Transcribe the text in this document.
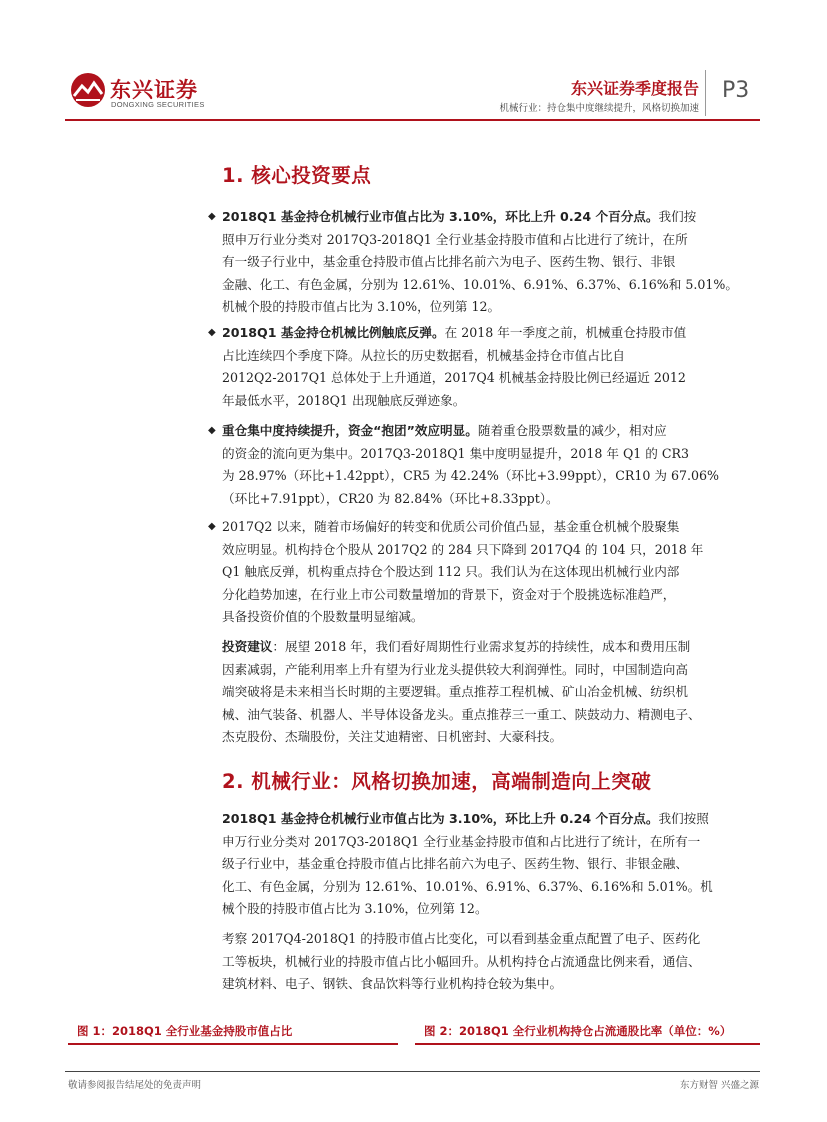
东兴证券
DONGXING SECURITIES
东兴证券季度报告
机械行业：持仓集中度继续提升，风格切换加速
P3
1. 核心投资要点
◆ 2018Q1 基金持仓机械行业市值占比为 3.10%，环比上升 0.24 个百分点。我们按
照申万行业分类对 2017Q3-2018Q1 全行业基金持股市值和占比进行了统计，在所
有一级子行业中，基金重仓持股市值占比排名前六为电子、医药生物、银行、非银
金融、化工、有色金属，分别为 12.61%、10.01%、6.91%、6.37%、6.16%和 5.01%。
机械个股的持股市值占比为 3.10%，位列第 12。
◆ 2018Q1 基金持仓机械比例触底反弹。在 2018 年一季度之前，机械重仓持股市值
占比连续四个季度下降。从拉长的历史数据看，机械基金持仓市值占比自
2012Q2-2017Q1 总体处于上升通道，2017Q4 机械基金持股比例已经逼近 2012
年最低水平，2018Q1 出现触底反弹迹象。
◆ 重仓集中度持续提升，资金“抱团”效应明显。随着重仓股票数量的减少，相对应
的资金的流向更为集中。2017Q3-2018Q1 集中度明显提升，2018 年 Q1 的 CR3
为 28.97%（环比+1.42ppt），CR5 为 42.24%（环比+3.99ppt），CR10 为 67.06%
（环比+7.91ppt），CR20 为 82.84%（环比+8.33ppt）。
◆ 2017Q2 以来，随着市场偏好的转变和优质公司价值凸显，基金重仓机械个股聚集
效应明显。机构持仓个股从 2017Q2 的 284 只下降到 2017Q4 的 104 只，2018 年
Q1 触底反弹，机构重点持仓个股达到 112 只。我们认为在这体现出机械行业内部
分化趋势加速，在行业上市公司数量增加的背景下，资金对于个股挑选标准趋严，
具备投资价值的个股数量明显缩减。
投资建议：展望 2018 年，我们看好周期性行业需求复苏的持续性，成本和费用压制
因素减弱，产能利用率上升有望为行业龙头提供较大利润弹性。同时，中国制造向高
端突破将是未来相当长时期的主要逻辑。重点推荐工程机械、矿山冶金机械、纺织机
械、油气装备、机器人、半导体设备龙头。重点推荐三一重工、陕鼓动力、精测电子、
杰克股份、杰瑞股份，关注艾迪精密、日机密封、大豪科技。
2. 机械行业：风格切换加速，高端制造向上突破
2018Q1 基金持仓机械行业市值占比为 3.10%，环比上升 0.24 个百分点。我们按照
申万行业分类对 2017Q3-2018Q1 全行业基金持股市值和占比进行了统计，在所有一
级子行业中，基金重仓持股市值占比排名前六为电子、医药生物、银行、非银金融、
化工、有色金属，分别为 12.61%、10.01%、6.91%、6.37%、6.16%和 5.01%。机
械个股的持股市值占比为 3.10%，位列第 12。
考察 2017Q4-2018Q1 的持股市值占比变化，可以看到基金重点配置了电子、医药化
工等板块，机械行业的持股市值占比小幅回升。从机构持仓占流通盘比例来看，通信、
建筑材料、电子、钢铁、食品饮料等行业机构持仓较为集中。
图 1：2018Q1 全行业基金持股市值占比	图 2：2018Q1 全行业机构持仓占流通股比率（单位：%）
敬请参阅报告结尾处的免责声明	东方财智 兴盛之源
